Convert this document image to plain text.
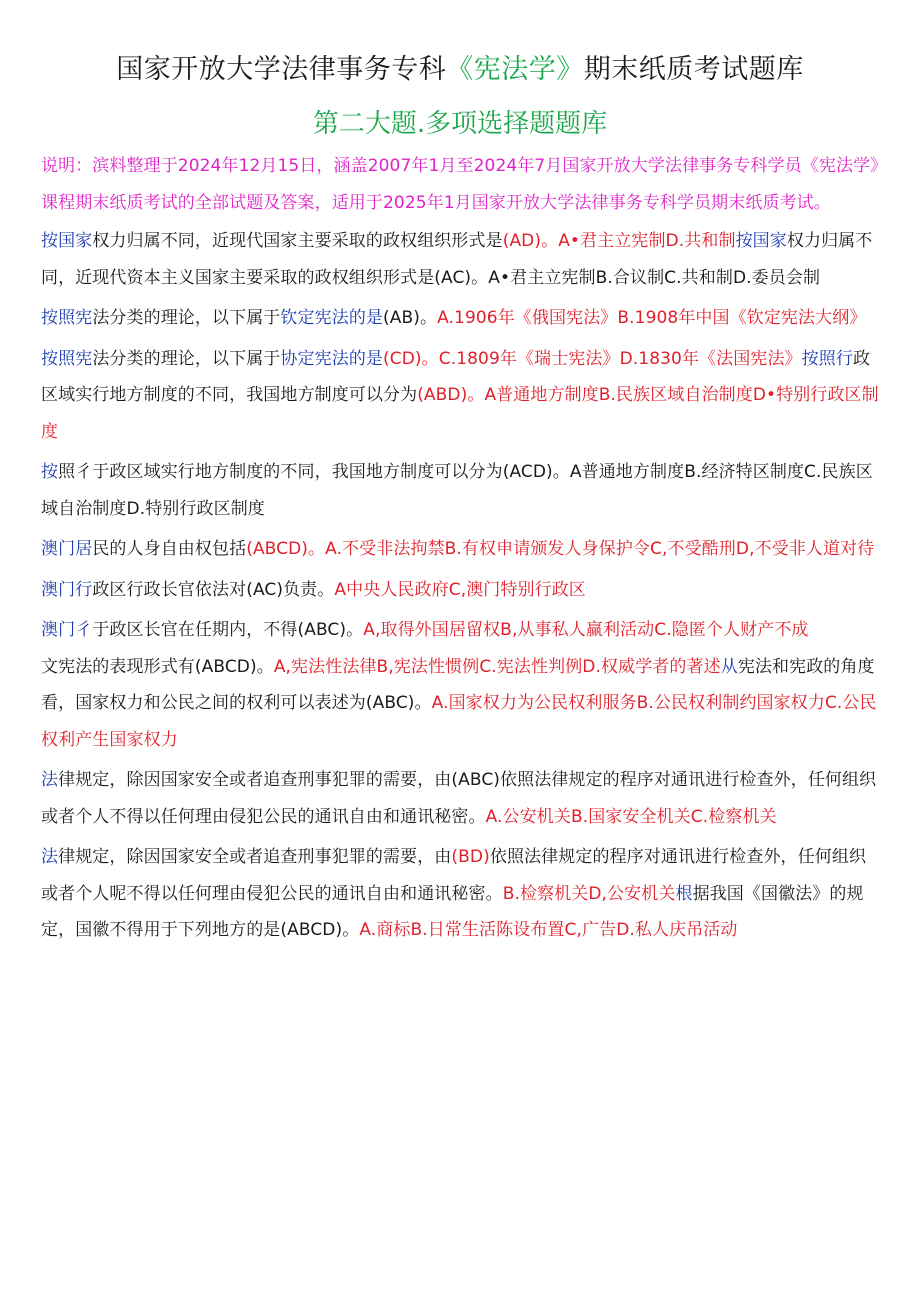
国家开放大学法律事务专科《宪法学》期末纸质考试题库
第二大题.多项选择题题库

说明：滨料整理于2024年12月15日，涵盖2007年1月至2024年7月国家开放大学法律事务专科学员《宪法学》课程期末纸质考试的全部试题及答案，适用于2025年1月国家开放大学法律事务专科学员期末纸质考试。

按国家权力归属不同，近现代国家主要采取的政权组织形式是(AD)。A•君主立宪制D.共和制按国家权力归属不同，近现代资本主义国家主要采取的政权组织形式是(AC)。A•君主立宪制B.合议制C.共和制D.委员会制

按照宪法分类的理论，以下属于钦定宪法的是(AB)。A.1906年《俄国宪法》B.1908年中国《钦定宪法大纲》

按照宪法分类的理论，以下属于协定宪法的是(CD)。C.1809年《瑞士宪法》D.1830年《法国宪法》按照行政区域实行地方制度的不同，我国地方制度可以分为(ABD)。A普通地方制度B.民族区域自治制度D•特别行政区制度

按照彳于政区域实行地方制度的不同，我国地方制度可以分为(ACD)。A普通地方制度B.经济特区制度C.民族区域自治制度D.特别行政区制度

澳门居民的人身自由权包括(ABCD)。A.不受非法拘禁B.有权申请颁发人身保护令C,不受酷刑D,不受非人道对待

澳门行政区行政长官依法对(AC)负责。A中央人民政府C,澳门特别行政区

澳门彳于政区长官在任期内，不得(ABC)。A,取得外国居留权B,从事私人赢利活动C.隐匿个人财产不成

文宪法的表现形式有(ABCD)。A,宪法性法律B,宪法性惯例C.宪法性判例D.权威学者的著述从宪法和宪政的角度看，国家权力和公民之间的权利可以表述为(ABC)。A.国家权力为公民权利服务B.公民权利制约国家权力C.公民权利产生国家权力

法律规定，除因国家安全或者追查刑事犯罪的需要，由(ABC)依照法律规定的程序对通讯进行检查外，任何组织或者个人不得以任何理由侵犯公民的通讯自由和通讯秘密。A.公安机关B.国家安全机关C.检察机关

法律规定，除因国家安全或者追查刑事犯罪的需要，由(BD)依照法律规定的程序对通讯进行检查外，任何组织或者个人呢不得以任何理由侵犯公民的通讯自由和通讯秘密。B.检察机关D,公安机关根据我国《国徽法》的规定，国徽不得用于下列地方的是(ABCD)。A.商标B.日常生活陈设布置C,广告D.私人庆吊活动
